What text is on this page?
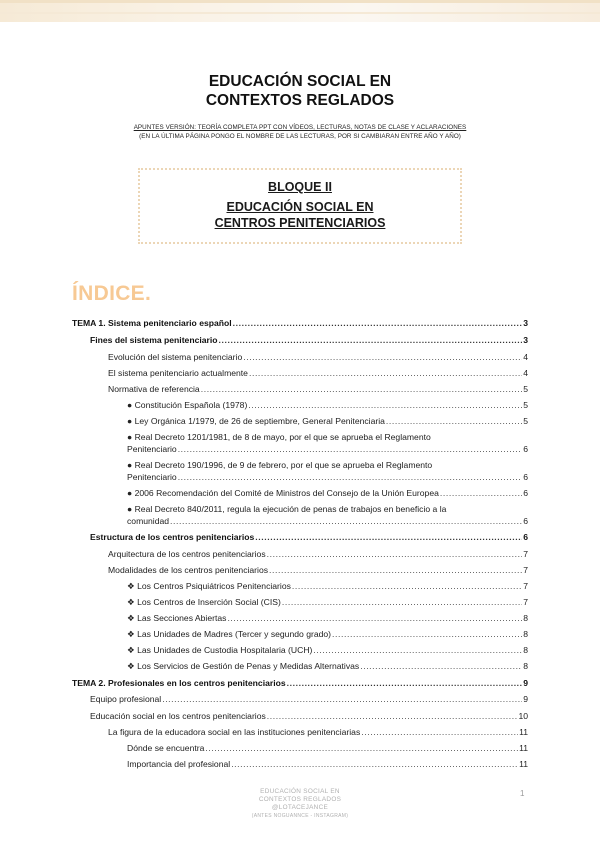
EDUCACIÓN SOCIAL EN
CONTEXTOS REGLADOS
APUNTES VERSIÓN: TEORÍA COMPLETA PPT CON VÍDEOS, LECTURAS, NOTAS DE CLASE Y ACLARACIONES
(EN LA ÚLTIMA PÁGINA PONGO EL NOMBRE DE LAS LECTURAS, POR SI CAMBIARAN ENTRE AÑO Y AÑO)
BLOQUE II
EDUCACIÓN SOCIAL EN
CENTROS PENITENCIARIOS
ÍNDICE.
TEMA 1. Sistema penitenciario español .....	3
Fines del sistema penitenciario .....	3
Evolución del sistema penitenciario .....	4
El sistema penitenciario actualmente .....	4
Normativa de referencia .....	5
● Constitución Española (1978) .....	5
● Ley Orgánica 1/1979, de 26 de septiembre, General Penitenciaria .....	5
● Real Decreto 1201/1981, de 8 de mayo, por el que se aprueba el Reglamento
Penitenciario .....	6
● Real Decreto 190/1996, de 9 de febrero, por el que se aprueba el Reglamento
Penitenciario .....	6
● 2006 Recomendación del Comité de Ministros del Consejo de la Unión Europea .....	6
● Real Decreto 840/2011, regula la ejecución de penas de trabajos en beneficio a la
comunidad .....	6
Estructura de los centros penitenciarios .....	6
Arquitectura de los centros penitenciarios .....	7
Modalidades de los centros penitenciarios .....	7
❖ Los Centros Psiquiátricos Penitenciarios .....	7
❖ Los Centros de Inserción Social (CIS) .....	7
❖ Las Secciones Abiertas .....	8
❖ Las Unidades de Madres (Tercer y segundo grado) .....	8
❖ Las Unidades de Custodia Hospitalaria (UCH) .....	8
❖ Los Servicios de Gestión de Penas y Medidas Alternativas .....	8
TEMA 2. Profesionales en los centros penitenciarios .....	9
Equipo profesional .....	9
Educación social en los centros penitenciarios .....	10
La figura de la educadora social en las instituciones penitenciarias .....	11
Dónde se encuentra .....	11
Importancia del profesional .....	11
EDUCACIÓN SOCIAL EN
CONTEXTOS REGLADOS
@LOTACEJANCE
(ANTES NOGUANNCE - INSTAGRAM)
1
